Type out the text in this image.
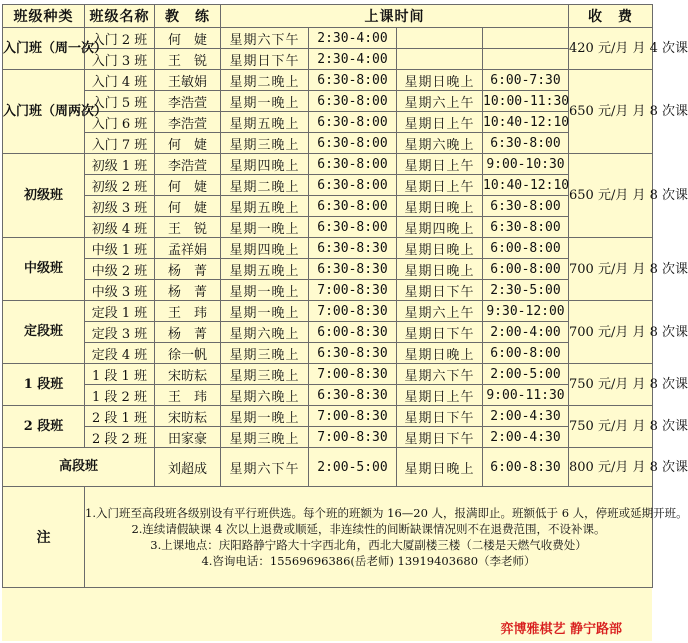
班级种类	班级名称	教　练	上课时间				收　费
入门班（周一次）	入门 2 班	何　婕	星期六下午	2:30-4:00			420 元/月 月 4 次课
	入门 3 班	王　锐	星期日下午	2:30-4:00			
入门班（周两次）	入门 4 班	王敏娟	星期二晚上	6:30-8:00	星期日晚上	6:00-7:30	650 元/月 月 8 次课
	入门 5 班	李浩萱	星期一晚上	6:30-8:00	星期六上午	10:00-11:30	
	入门 6 班	李浩萱	星期五晚上	6:30-8:00	星期日上午	10:40-12:10	
	入门 7 班	何　婕	星期三晚上	6:30-8:00	星期六晚上	6:30-8:00	
初级班	初级 1 班	李浩萱	星期四晚上	6:30-8:00	星期日上午	9:00-10:30	650 元/月 月 8 次课
	初级 2 班	何　婕	星期二晚上	6:30-8:00	星期日上午	10:40-12:10	
	初级 3 班	何　婕	星期五晚上	6:30-8:00	星期日晚上	6:30-8:00	
	初级 4 班	王　锐	星期一晚上	6:30-8:00	星期四晚上	6:30-8:00	
中级班	中级 1 班	孟祥娟	星期四晚上	6:30-8:30	星期日晚上	6:00-8:00	700 元/月 月 8 次课
	中级 2 班	杨　菁	星期五晚上	6:30-8:30	星期日晚上	6:00-8:00	
	中级 3 班	杨　菁	星期一晚上	7:00-8:30	星期日下午	2:30-5:00	
定段班	定段 1 班	王　玮	星期一晚上	7:00-8:30	星期六上午	9:30-12:00	700 元/月 月 8 次课
	定段 3 班	杨　菁	星期六晚上	6:00-8:30	星期日下午	2:00-4:00	
	定段 4 班	徐一帆	星期三晚上	6:30-8:30	星期日晚上	6:00-8:00	
1 段班	1 段 1 班	宋昉耘	星期三晚上	7:00-8:30	星期六下午	2:00-5:00	750 元/月 月 8 次课
	1 段 2 班	王　玮	星期六晚上	6:30-8:30	星期日上午	9:00-11:30	
2 段班	2 段 1 班	宋昉耘	星期一晚上	7:00-8:30	星期日下午	2:00-4:30	750 元/月 月 8 次课
	2 段 2 班	田家豪	星期三晚上	7:00-8:30	星期日下午	2:00-4:30	
高段班		刘超成	星期六下午	2:00-5:00	星期日晚上	6:00-8:30	800 元/月 月 8 次课
注	1.入门班至高段班各级别设有平行班供选。每个班的班额为 16—20 人，报满即止。班额低于 6 人，停班或延期开班。
2.连续请假缺课 4 次以上退费或顺延，非连续性的间断缺课情况则不在退费范围，不设补课。
3.上课地点：庆阳路静宁路大十字西北角，西北大厦副楼三楼（二楼是天燃气收费处）
4.咨询电话：15569696386(岳老师) 13919403680（李老师）						
弈博雅棋艺 静宁路部
